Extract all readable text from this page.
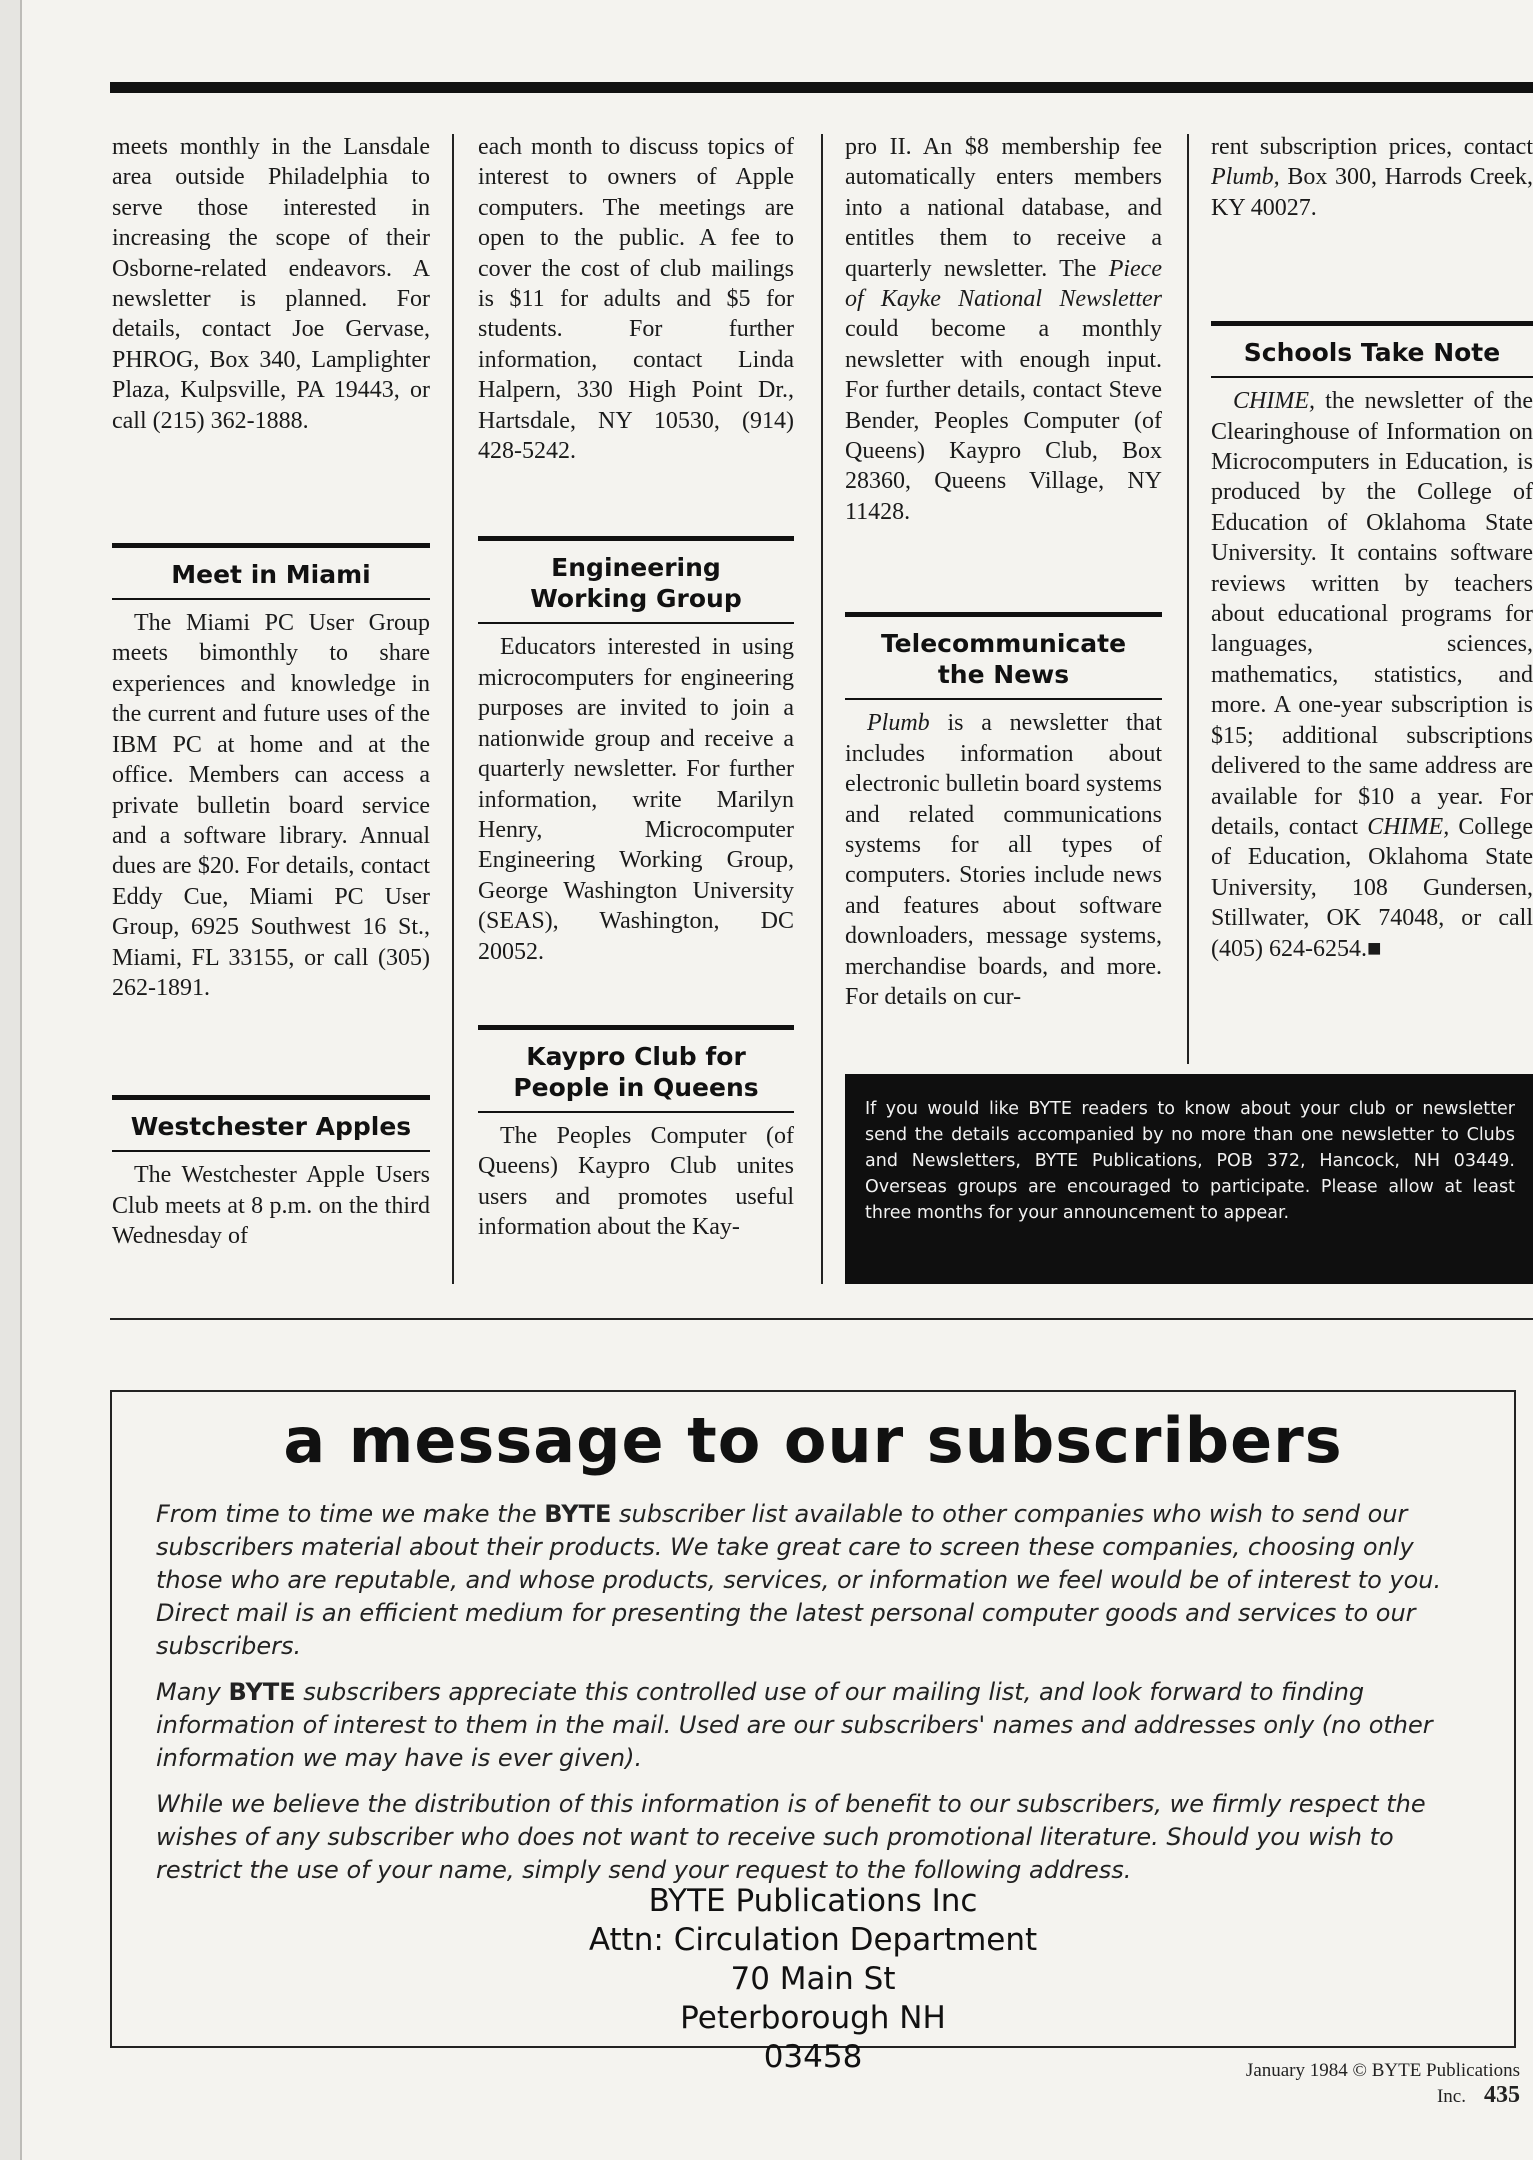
meets monthly in the Lansdale area outside Philadelphia to serve those interested in increasing the scope of their Osborne-related endeavors. A newsletter is planned. For details, contact Joe Gervase, PHROG, Box 340, Lamplighter Plaza, Kulpsville, PA 19443, or call (215) 362-1888.

Meet in Miami

The Miami PC User Group meets bimonthly to share experiences and knowledge in the current and future uses of the IBM PC at home and at the office. Members can access a private bulletin board service and a software library. Annual dues are $20. For details, contact Eddy Cue, Miami PC User Group, 6925 Southwest 16 St., Miami, FL 33155, or call (305) 262-1891.

Westchester Apples

The Westchester Apple Users Club meets at 8 p.m. on the third Wednesday of

each month to discuss topics of interest to owners of Apple computers. The meetings are open to the public. A fee to cover the cost of club mailings is $11 for adults and $5 for students. For further information, contact Linda Halpern, 330 High Point Dr., Hartsdale, NY 10530, (914) 428-5242.

Engineering
Working Group

Educators interested in using microcomputers for engineering purposes are invited to join a nationwide group and receive a quarterly newsletter. For further information, write Marilyn Henry, Microcomputer Engineering Working Group, George Washington University (SEAS), Washington, DC 20052.

Kaypro Club for
People in Queens

The Peoples Computer (of Queens) Kaypro Club unites users and promotes useful information about the Kay-

pro II. An $8 membership fee automatically enters members into a national database, and entitles them to receive a quarterly newsletter. The Piece of Kayke National Newsletter could become a monthly newsletter with enough input. For further details, contact Steve Bender, Peoples Computer (of Queens) Kaypro Club, Box 28360, Queens Village, NY 11428.

Telecommunicate
the News

Plumb is a newsletter that includes information about electronic bulletin board systems and related communications systems for all types of computers. Stories include news and features about software downloaders, message systems, merchandise boards, and more. For details on cur-

rent subscription prices, contact Plumb, Box 300, Harrods Creek, KY 40027.

Schools Take Note

CHIME, the newsletter of the Clearinghouse of Information on Microcomputers in Education, is produced by the College of Education of Oklahoma State University. It contains software reviews written by teachers about educational programs for languages, sciences, mathematics, statistics, and more. A one-year subscription is $15; additional subscriptions delivered to the same address are available for $10 a year. For details, contact CHIME, College of Education, Oklahoma State University, 108 Gundersen, Stillwater, OK 74048, or call (405) 624-6254.■

If you would like BYTE readers to know about your club or newsletter send the details accompanied by no more than one newsletter to Clubs and Newsletters, BYTE Publications, POB 372, Hancock, NH 03449. Overseas groups are encouraged to participate. Please allow at least three months for your announcement to appear.
a message to our subscribers

From time to time we make the BYTE subscriber list available to other companies who wish to send our subscribers material about their products. We take great care to screen these companies, choosing only those who are reputable, and whose products, services, or information we feel would be of interest to you. Direct mail is an efficient medium for presenting the latest personal computer goods and services to our subscribers.

Many BYTE subscribers appreciate this controlled use of our mailing list, and look forward to finding information of interest to them in the mail. Used are our subscribers' names and addresses only (no other information we may have is ever given).

While we believe the distribution of this information is of benefit to our subscribers, we firmly respect the wishes of any subscriber who does not want to receive such promotional literature. Should you wish to restrict the use of your name, simply send your request to the following address.

BYTE Publications Inc
Attn: Circulation Department
70 Main St
Peterborough NH
03458	January 1984 © BYTE Publications Inc. 435
